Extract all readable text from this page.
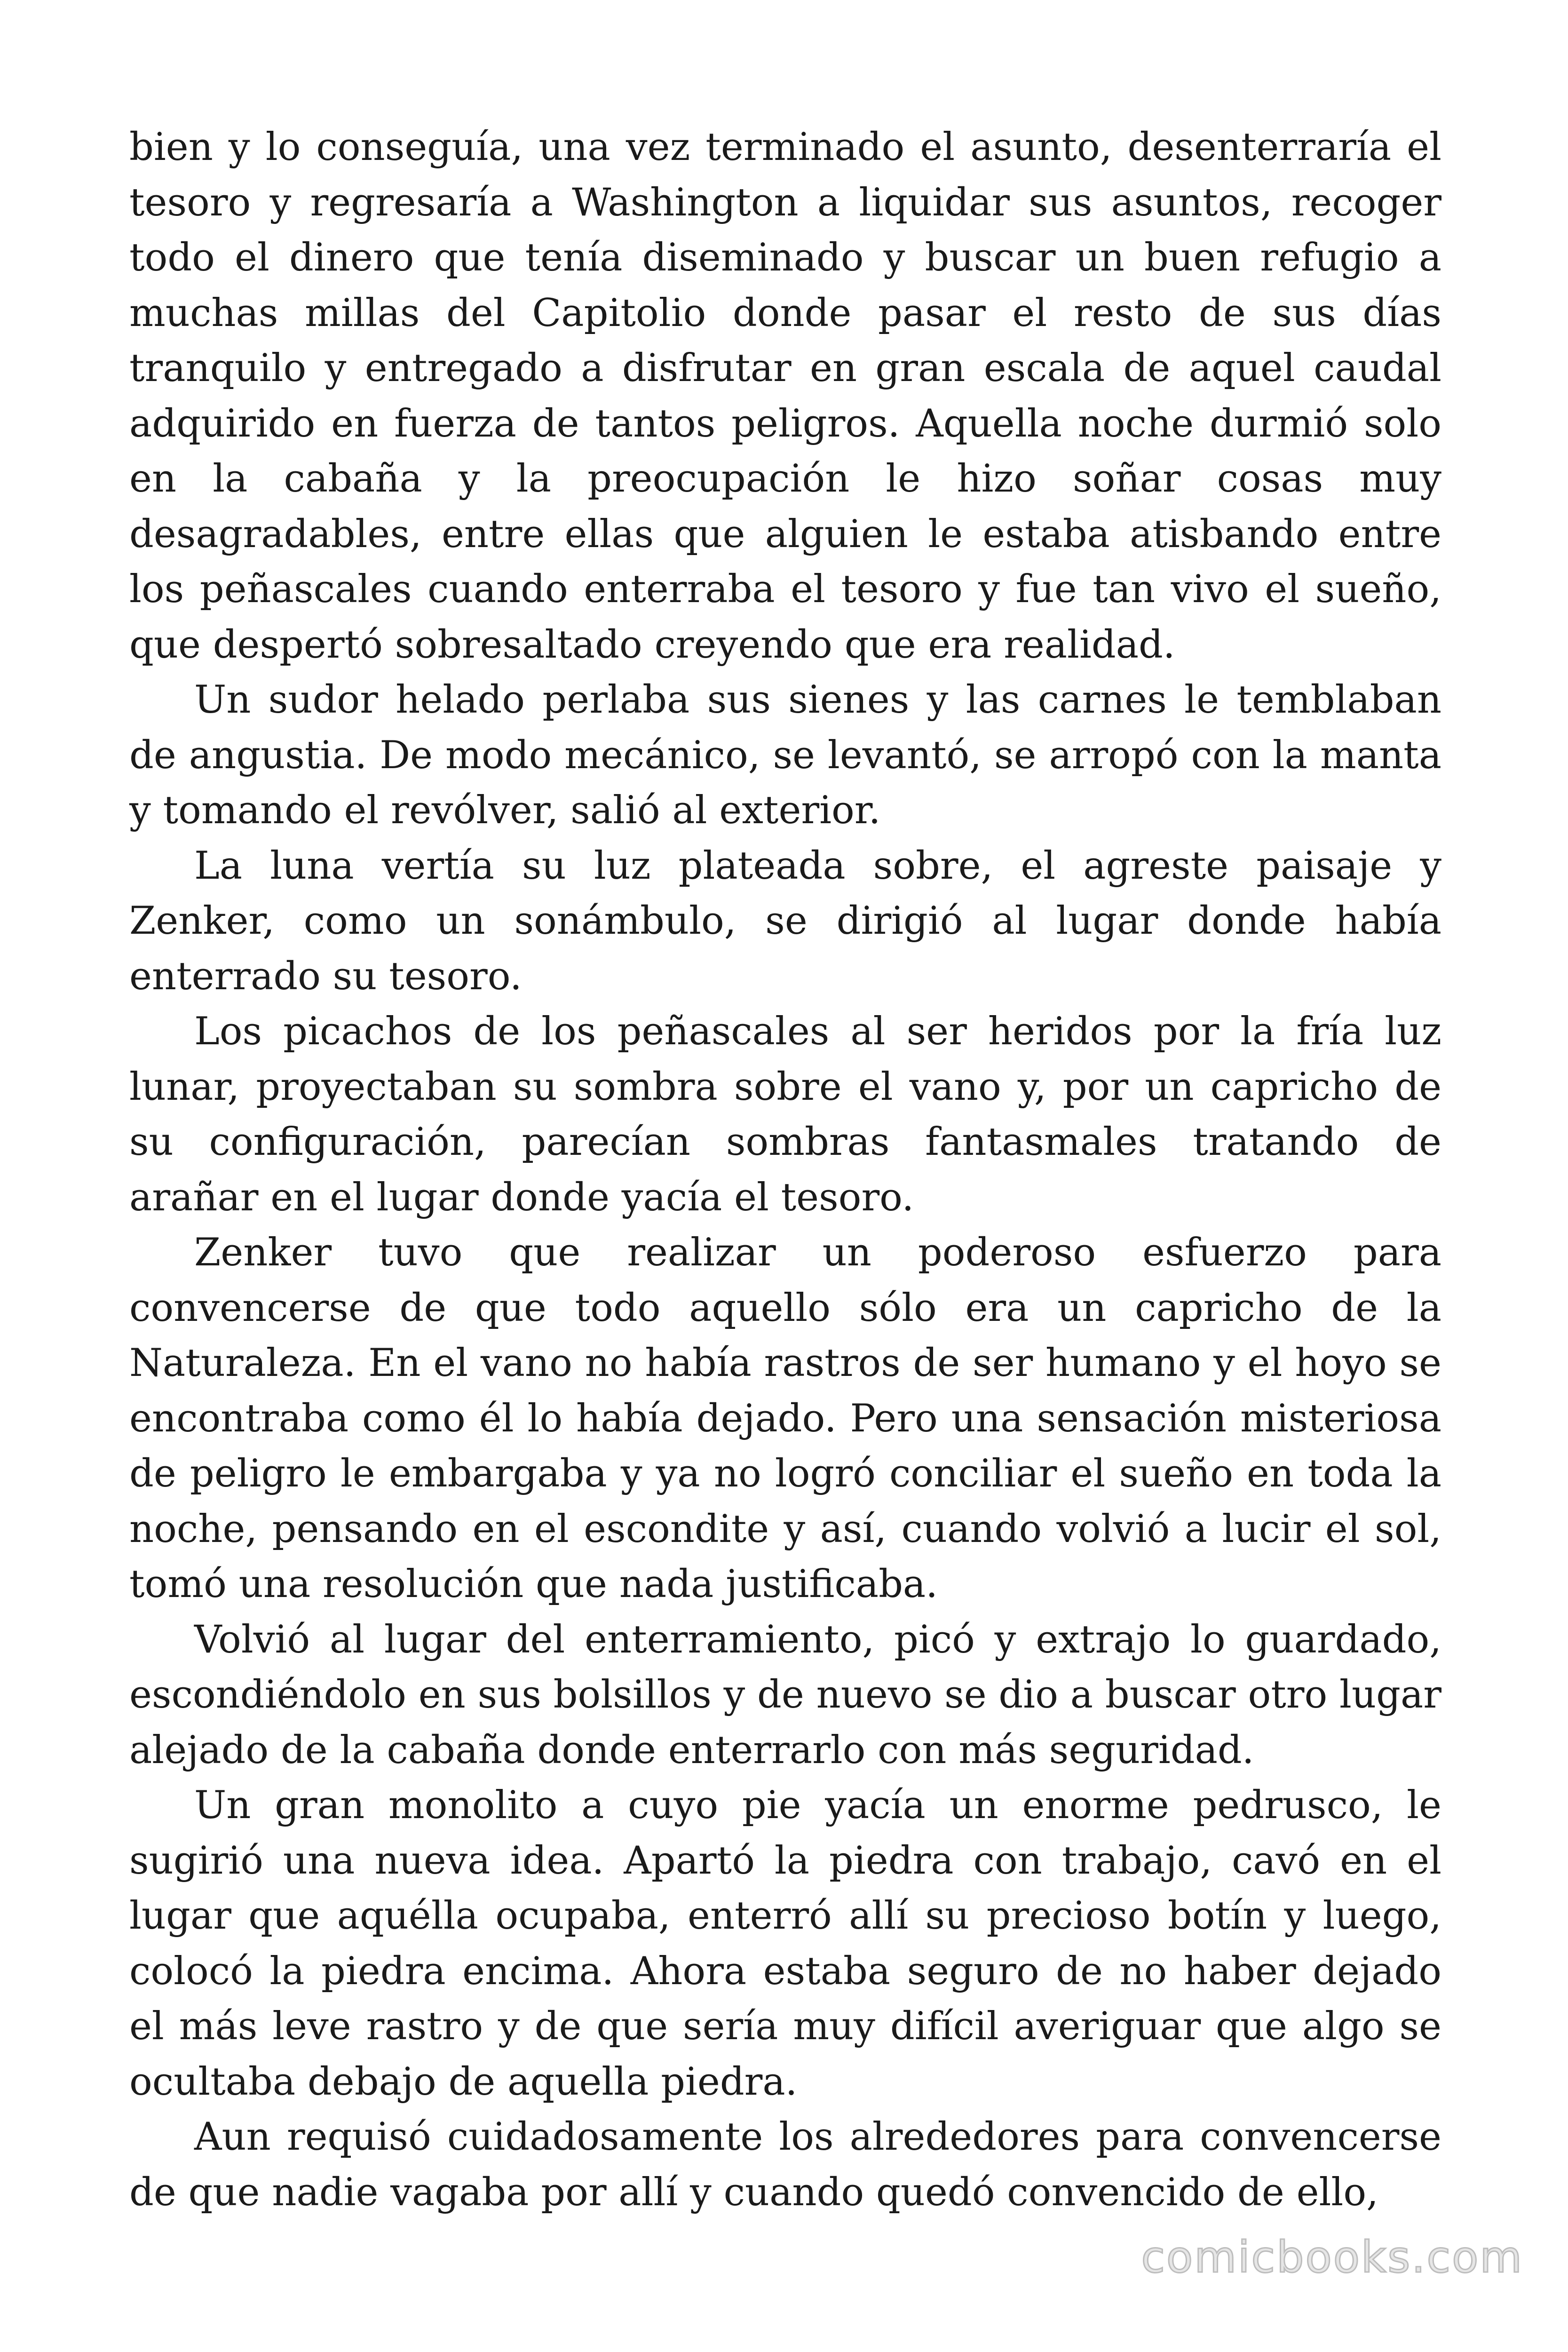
bien y lo conseguía, una vez terminado el asunto, desenterraría el tesoro y regresaría a Washington a liquidar sus asuntos, recoger todo el dinero que tenía diseminado y buscar un buen refugio a muchas millas del Capitolio donde pasar el resto de sus días tranquilo y entregado a disfrutar en gran escala de aquel caudal adquirido en fuerza de tantos peligros. Aquella noche durmió solo en la cabaña y la preocupación le hizo soñar cosas muy desagradables, entre ellas que alguien le estaba atisbando entre los peñascales cuando enterraba el tesoro y fue tan vivo el sueño, que despertó sobresaltado creyendo que era realidad.

Un sudor helado perlaba sus sienes y las carnes le temblaban de angustia. De modo mecánico, se levantó, se arropó con la manta y tomando el revólver, salió al exterior.

La luna vertía su luz plateada sobre, el agreste paisaje y Zenker, como un sonámbulo, se dirigió al lugar donde había enterrado su tesoro.

Los picachos de los peñascales al ser heridos por la fría luz lunar, proyectaban su sombra sobre el vano y, por un capricho de su configuración, parecían sombras fantasmales tratando de arañar en el lugar donde yacía el tesoro.

Zenker tuvo que realizar un poderoso esfuerzo para convencerse de que todo aquello sólo era un capricho de la Naturaleza. En el vano no había rastros de ser humano y el hoyo se encontraba como él lo había dejado. Pero una sensación misteriosa de peligro le embargaba y ya no logró conciliar el sueño en toda la noche, pensando en el escondite y así, cuando volvió a lucir el sol, tomó una resolución que nada justificaba.

Volvió al lugar del enterramiento, picó y extrajo lo guardado, escondiéndolo en sus bolsillos y de nuevo se dio a buscar otro lugar alejado de la cabaña donde enterrarlo con más seguridad.

Un gran monolito a cuyo pie yacía un enorme pedrusco, le sugirió una nueva idea. Apartó la piedra con trabajo, cavó en el lugar que aquélla ocupaba, enterró allí su precioso botín y luego, colocó la piedra encima. Ahora estaba seguro de no haber dejado el más leve rastro y de que sería muy difícil averiguar que algo se ocultaba debajo de aquella piedra.

Aun requisó cuidadosamente los alrededores para convencerse de que nadie vagaba por allí y cuando quedó convencido de ello,

comicbooks.com
